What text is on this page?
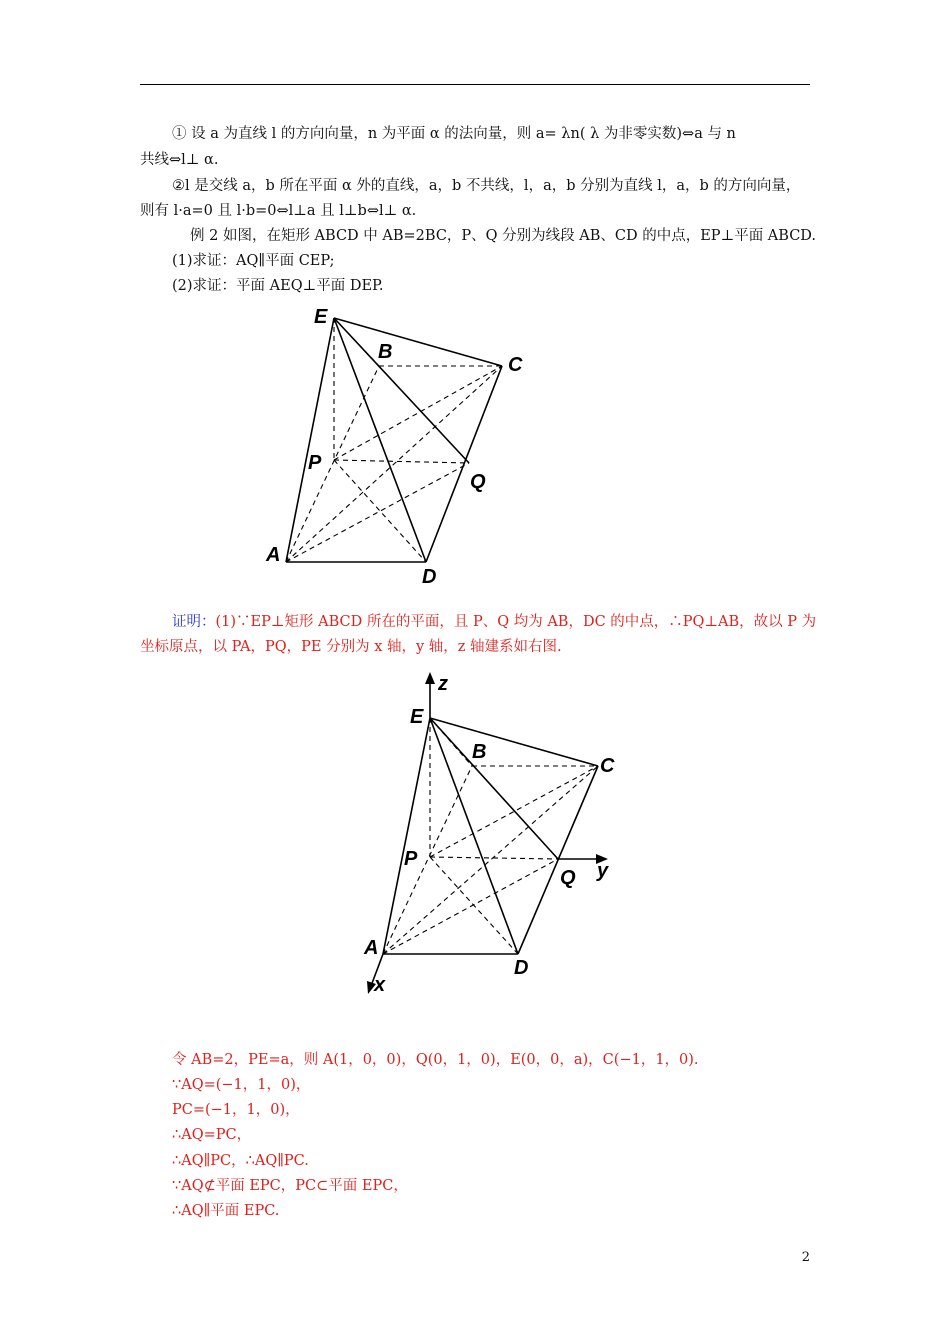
① 设 a 为直线 l 的方向向量，n 为平面 α 的法向量，则 a= λn( λ 为非零实数)⇔a 与 n
共线⇔l⊥ α.
②l 是交线 a，b 所在平面 α 外的直线，a，b 不共线，l，a，b 分别为直线 l，a，b 的方向向量，
则有 l·a=0 且 l·b=0⇔l⊥a 且 l⊥b⇔l⊥ α.
例 2 如图，在矩形 ABCD 中 AB=2BC，P、Q 分别为线段 AB、CD 的中点，EP⊥平面 ABCD.
(1)求证：AQ∥平面 CEP;
(2)求证：平面 AEQ⊥平面 DEP.
E
B
C
P
Q
A
D
证明：(1)∵EP⊥矩形 ABCD 所在的平面，且 P、Q 均为 AB，DC 的中点，∴PQ⊥AB，故以 P 为
坐标原点，以 PA，PQ，PE 分别为 x 轴，y 轴，z 轴建系如右图.
z
E
B
C
P
Q y
A
D
x
令 AB=2，PE=a，则 A(1，0，0)，Q(0，1，0)，E(0，0，a)，C(−1，1，0).
∵AQ=(−1，1，0)，
PC=(−1，1，0)，
∴AQ=PC，
∴AQ∥PC，∴AQ∥PC.
∵AQ⊄平面 EPC，PC⊂平面 EPC，
∴AQ∥平面 EPC.
2
